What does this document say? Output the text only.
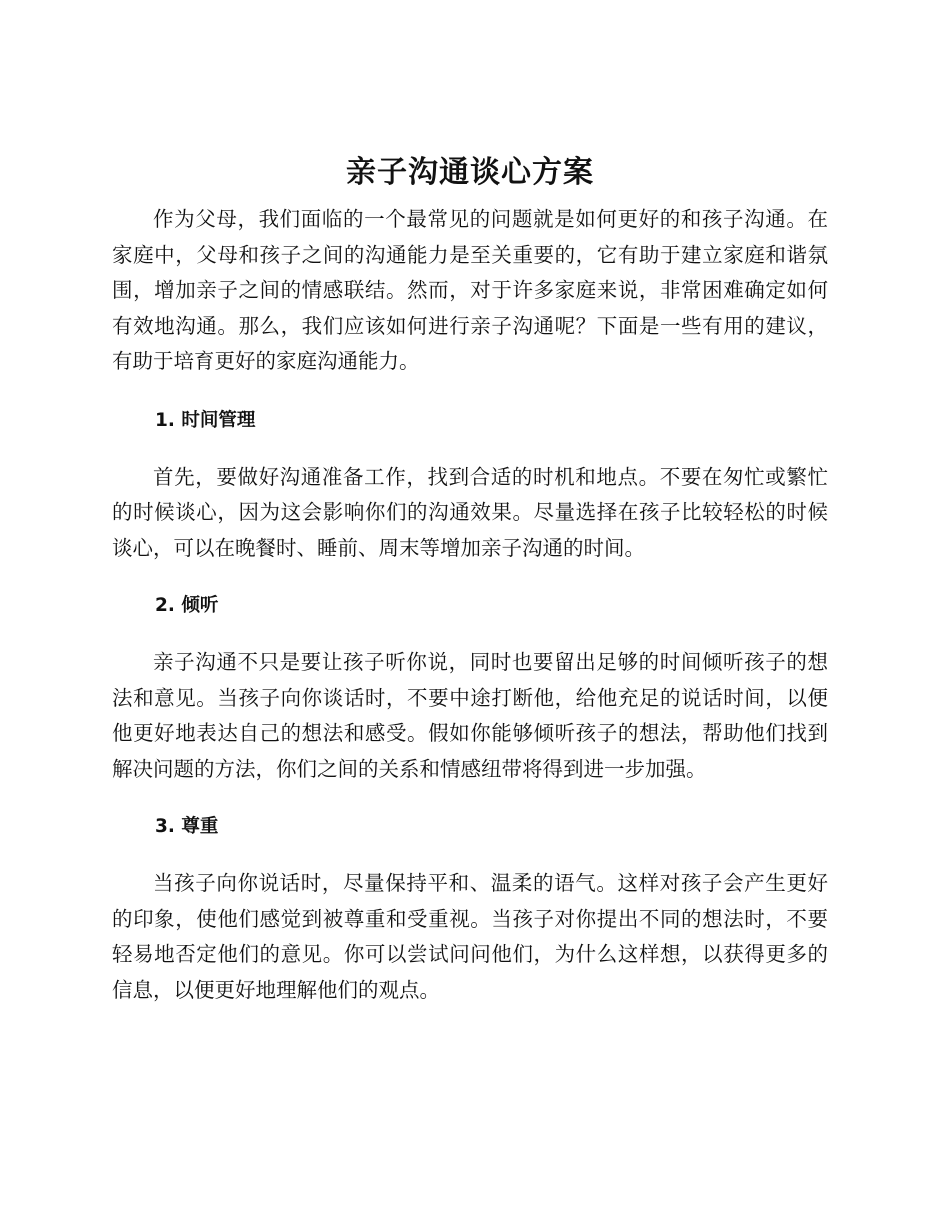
亲子沟通谈心方案

作为父母，我们面临的一个最常见的问题就是如何更好的和孩子沟通。在家庭中，父母和孩子之间的沟通能力是至关重要的，它有助于建立家庭和谐氛围，增加亲子之间的情感联结。然而，对于许多家庭来说，非常困难确定如何有效地沟通。那么，我们应该如何进行亲子沟通呢？下面是一些有用的建议，有助于培育更好的家庭沟通能力。

1. 时间管理

首先，要做好沟通准备工作，找到合适的时机和地点。不要在匆忙或繁忙的时候谈心，因为这会影响你们的沟通效果。尽量选择在孩子比较轻松的时候谈心，可以在晚餐时、睡前、周末等增加亲子沟通的时间。

2. 倾听

亲子沟通不只是要让孩子听你说，同时也要留出足够的时间倾听孩子的想法和意见。当孩子向你谈话时，不要中途打断他，给他充足的说话时间，以便他更好地表达自己的想法和感受。假如你能够倾听孩子的想法，帮助他们找到解决问题的方法，你们之间的关系和情感纽带将得到进一步加强。

3. 尊重

当孩子向你说话时，尽量保持平和、温柔的语气。这样对孩子会产生更好的印象，使他们感觉到被尊重和受重视。当孩子对你提出不同的想法时，不要轻易地否定他们的意见。你可以尝试问问他们，为什么这样想，以获得更多的信息，以便更好地理解他们的观点。
